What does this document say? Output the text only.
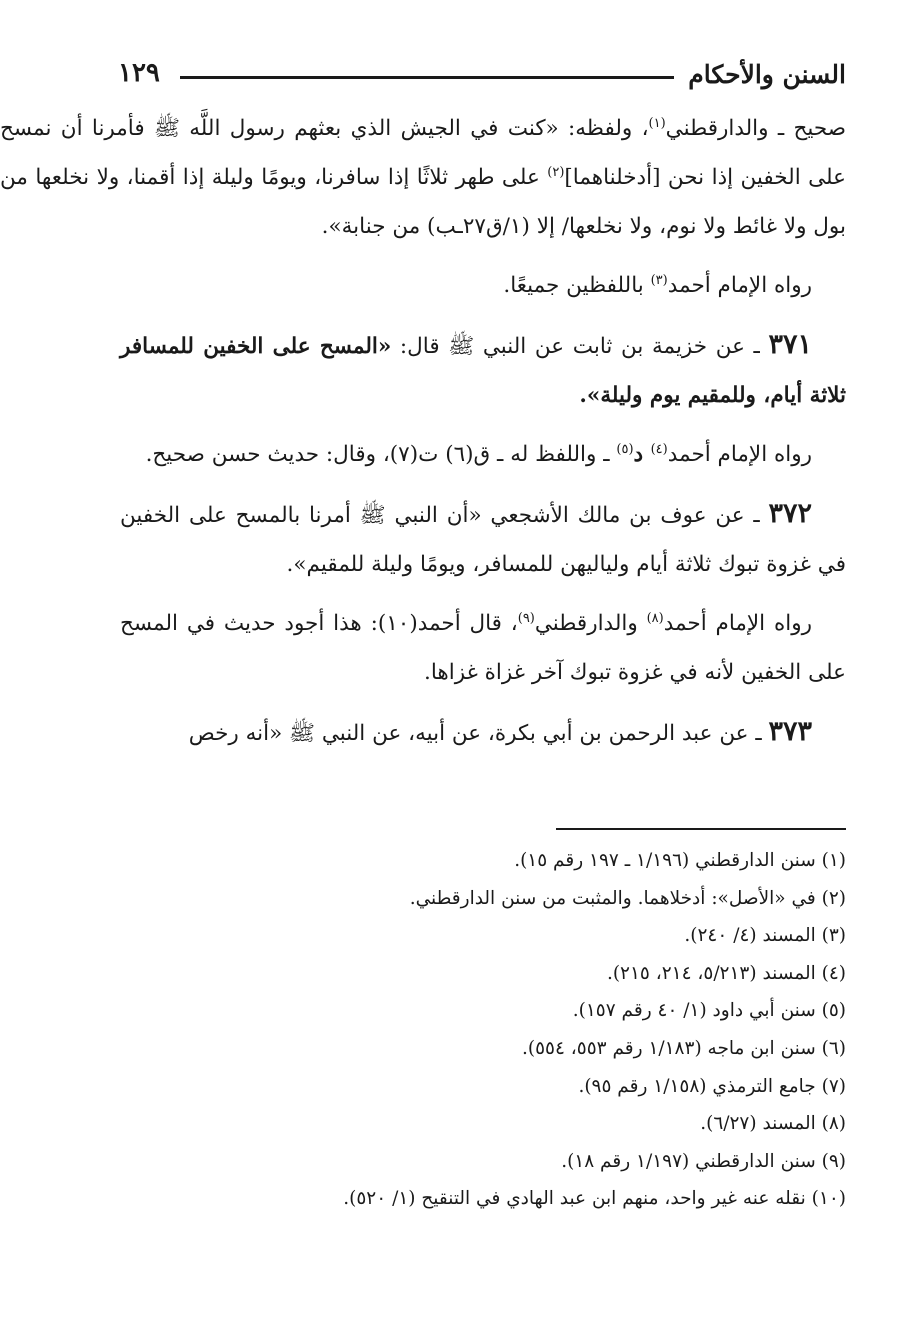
السنن والأحكام
١٢٩

صحيح ـ والدارقطني$^{(١)}$، ولفظه: «كنت في الجيش الذي بعثهم رسول اللَّه ﷺ فأمرنا أن نمسح على الخفين إذا نحن [أدخلناهما]$^{(٢)}$ على طهر ثلاثًا إذا سافرنا، ويومًا وليلة إذا أقمنا، ولا نخلعها من بول ولا غائط ولا نوم، ولا نخلعها/ إلا (١/ق٢٧ـب) من جنابة».

رواه الإمام أحمد$^{(٣)}$ باللفظين جميعًا.

٣٧١ ـ عن خزيمة بن ثابت عن النبي ﷺ قال: «المسح على الخفين للمسافر ثلاثة أيام، وللمقيم يوم وليلة».

رواه الإمام أحمد$^{(٤)}$ د$^{(٥)}$ ـ واللفظ له ـ ق(٦) ت(٧)، وقال: حديث حسن صحيح.

٣٧٢ ـ عن عوف بن مالك الأشجعي «أن النبي ﷺ أمرنا بالمسح على الخفين في غزوة تبوك ثلاثة أيام ولياليهن للمسافر، ويومًا وليلة للمقيم».

رواه الإمام أحمد$^{(٨)}$ والدارقطني$^{(٩)}$، قال أحمد(١٠): هذا أجود حديث في المسح على الخفين لأنه في غزوة تبوك آخر غزاة غزاها.

٣٧٣ ـ عن عبد الرحمن بن أبي بكرة، عن أبيه، عن النبي ﷺ «أنه رخص

(١) سنن الدارقطني (١/١٩٦ ـ ١٩٧ رقم ١٥).
(٢) في «الأصل»: أدخلاهما. والمثبت من سنن الدارقطني.
(٣) المسند (٤/ ٢٤٠).
(٤) المسند (٥/٢١٣، ٢١٤، ٢١٥).
(٥) سنن أبي داود (١/ ٤٠ رقم ١٥٧).
(٦) سنن ابن ماجه (١/١٨٣ رقم ٥٥٣، ٥٥٤).
(٧) جامع الترمذي (١/١٥٨ رقم ٩٥).
(٨) المسند (٦/٢٧).
(٩) سنن الدارقطني (١/١٩٧ رقم ١٨).
(١٠) نقله عنه غير واحد، منهم ابن عبد الهادي في التنقيح (١/ ٥٢٠).
